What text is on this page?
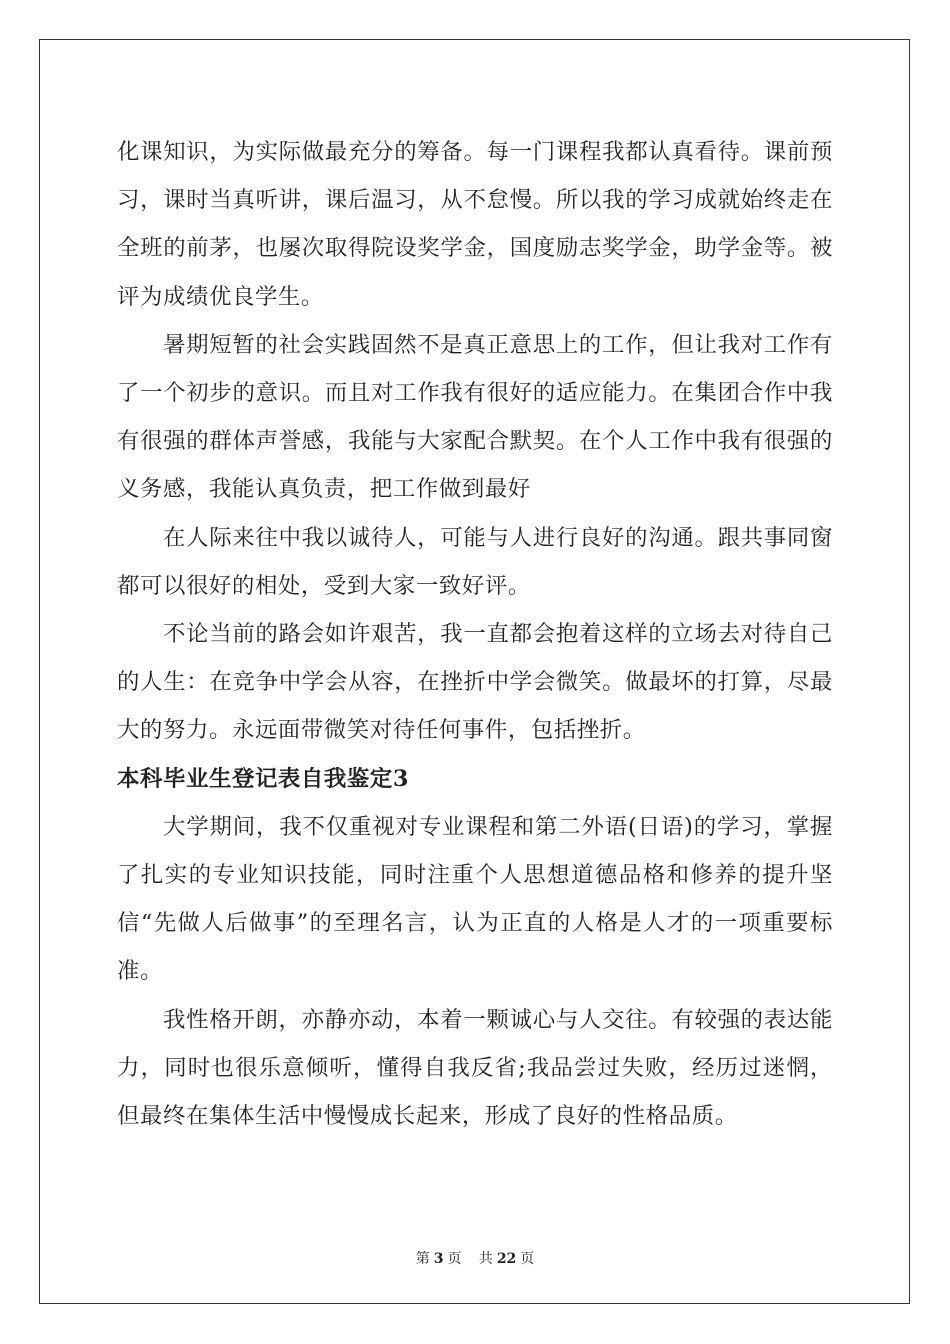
化课知识，为实际做最充分的筹备。每一门课程我都认真看待。课前预习，课时当真听讲，课后温习，从不怠慢。所以我的学习成就始终走在全班的前茅，也屡次取得院设奖学金，国度励志奖学金，助学金等。被评为成绩优良学生。

暑期短暂的社会实践固然不是真正意思上的工作，但让我对工作有了一个初步的意识。而且对工作我有很好的适应能力。在集团合作中我有很强的群体声誉感，我能与大家配合默契。在个人工作中我有很强的义务感，我能认真负责，把工作做到最好

在人际来往中我以诚待人，可能与人进行良好的沟通。跟共事同窗都可以很好的相处，受到大家一致好评。

不论当前的路会如许艰苦，我一直都会抱着这样的立场去对待自己的人生：在竞争中学会从容，在挫折中学会微笑。做最坏的打算，尽最大的努力。永远面带微笑对待任何事件，包括挫折。

本科毕业生登记表自我鉴定3

大学期间，我不仅重视对专业课程和第二外语(日语)的学习，掌握了扎实的专业知识技能，同时注重个人思想道德品格和修养的提升坚信“先做人后做事”的至理名言，认为正直的人格是人才的一项重要标准。

我性格开朗，亦静亦动，本着一颗诚心与人交往。有较强的表达能力，同时也很乐意倾听，懂得自我反省;我品尝过失败，经历过迷惘，但最终在集体生活中慢慢成长起来，形成了良好的性格品质。

第 3 页 共 22 页
